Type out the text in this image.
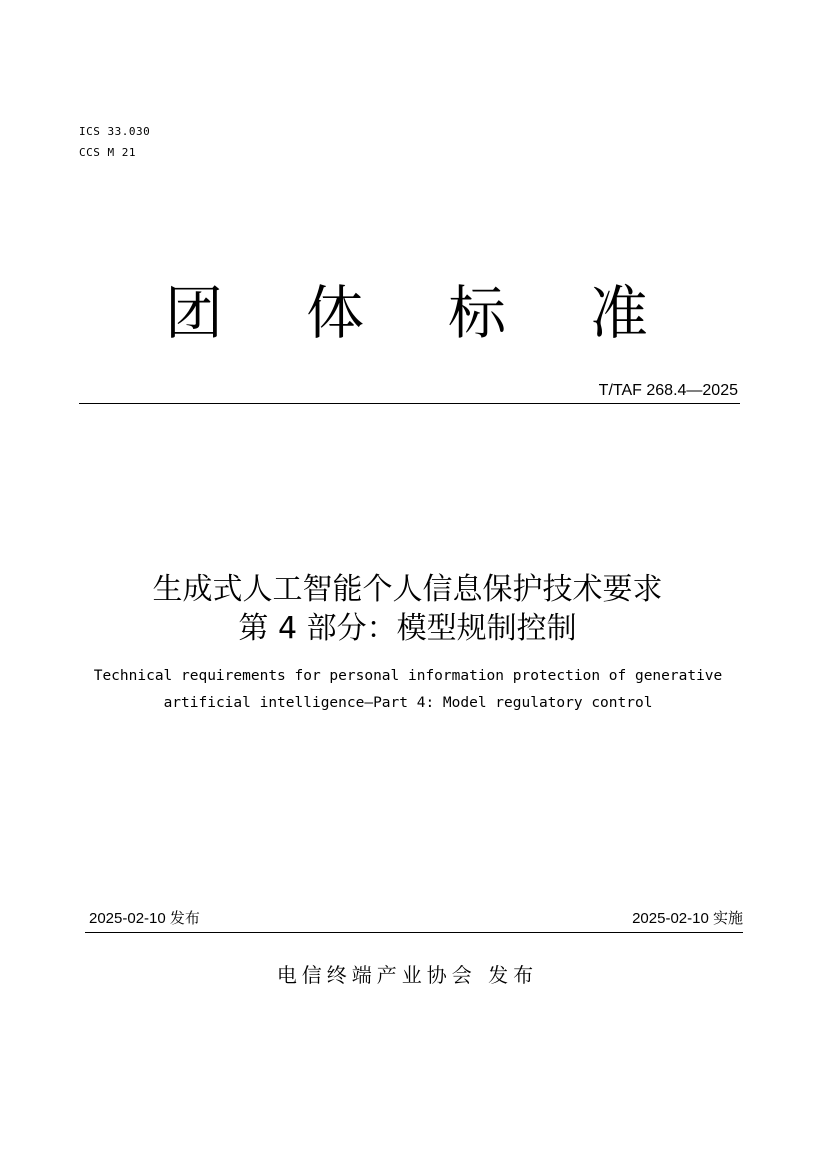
ICS 33.030
CCS M 21
团 体 标 准
T/TAF 268.4—2025
生成式人工智能个人信息保护技术要求
第 4 部分：模型规制控制
Technical requirements for personal information protection of generative
artificial intelligence—Part 4: Model regulatory control
2025-02-10 发布	2025-02-10 实施
电信终端产业协会 发布
